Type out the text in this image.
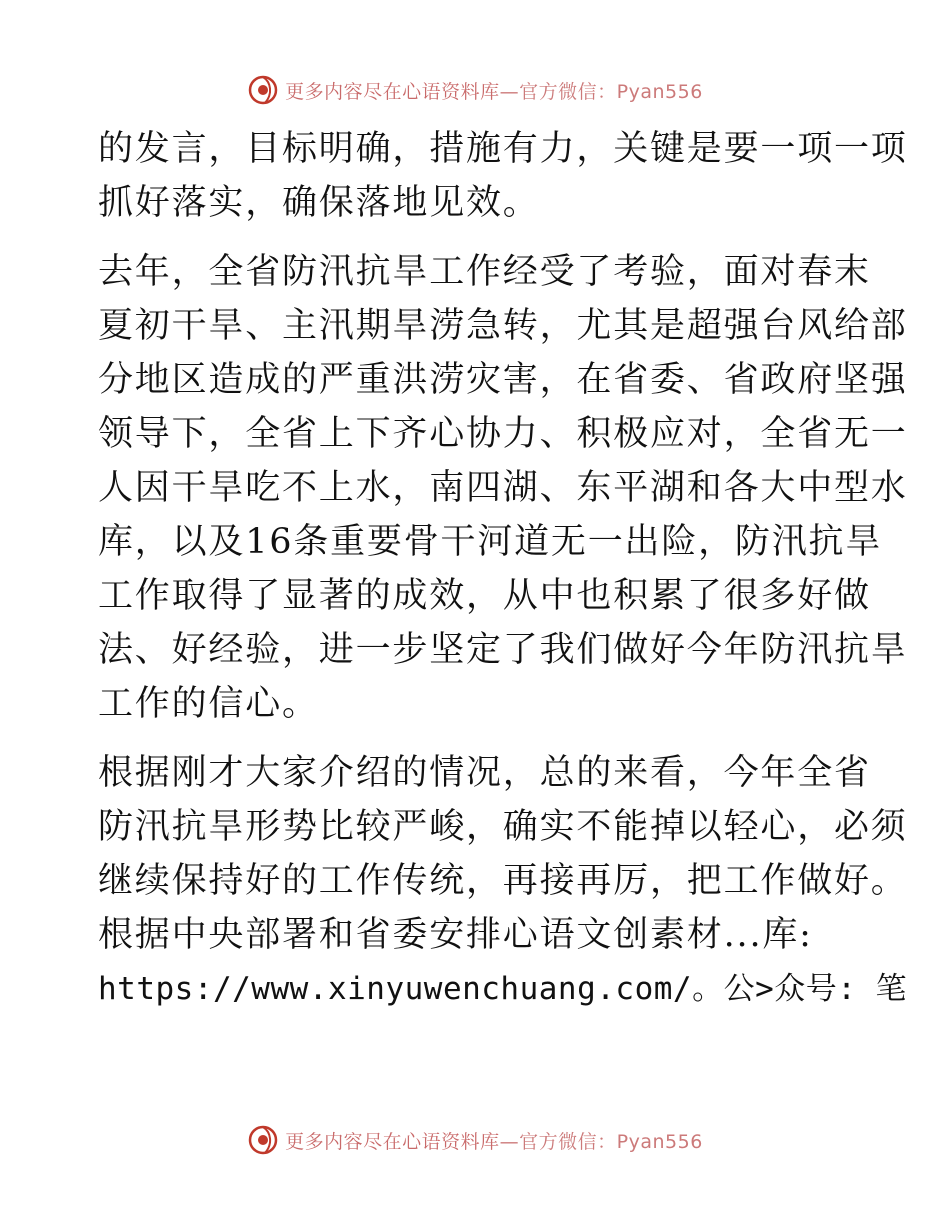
更多内容尽在心语资料库—官方微信：Pyan556
的发言，目标明确，措施有力，关键是要一项一项
抓好落实，确保落地见效。
去年，全省防汛抗旱工作经受了考验，面对春末
夏初干旱、主汛期旱涝急转，尤其是超强台风给部
分地区造成的严重洪涝灾害，在省委、省政府坚强
领导下，全省上下齐心协力、积极应对，全省无一
人因干旱吃不上水，南四湖、东平湖和各大中型水
库，以及16条重要骨干河道无一出险，防汛抗旱
工作取得了显著的成效，从中也积累了很多好做
法、好经验，进一步坚定了我们做好今年防汛抗旱
工作的信心。
根据刚才大家介绍的情况，总的来看，今年全省
防汛抗旱形势比较严峻，确实不能掉以轻心，必须
继续保持好的工作传统，再接再厉，把工作做好。
根据中央部署和省委安排心语文创素材...库:
https://www.xinyuwenchuang.com/。公>众号: 笔
更多内容尽在心语资料库—官方微信：Pyan556
